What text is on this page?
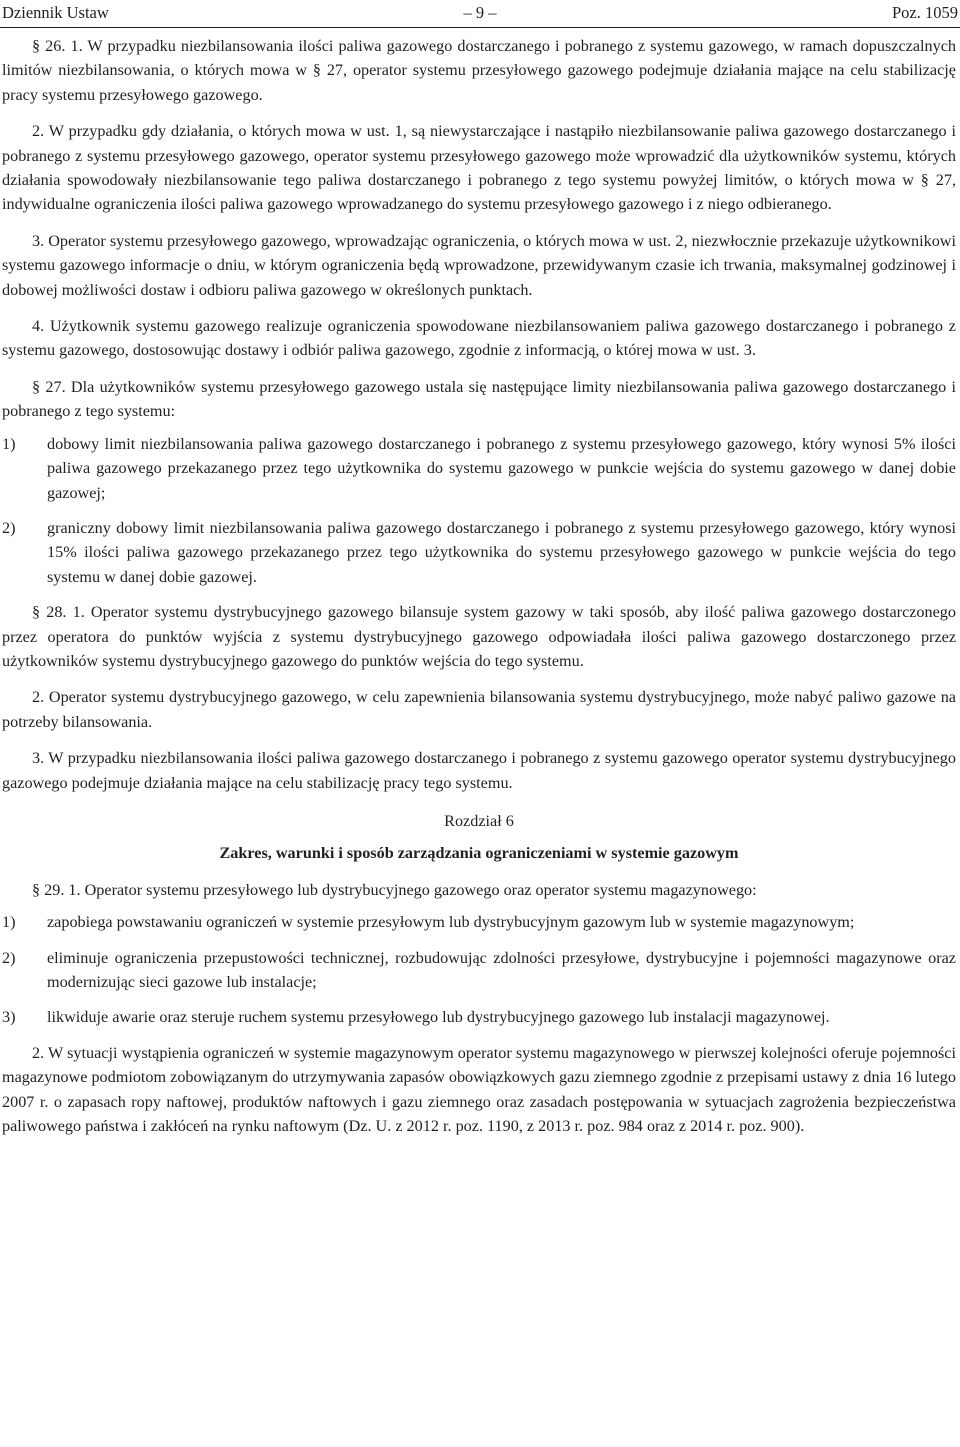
Dziennik Ustaw	– 9 –	Poz. 1059

§ 26. 1. W przypadku niezbilansowania ilości paliwa gazowego dostarczanego i pobranego z systemu gazowego, w ramach dopuszczalnych limitów niezbilansowania, o których mowa w § 27, operator systemu przesyłowego gazowego podejmuje działania mające na celu stabilizację pracy systemu przesyłowego gazowego.

2. W przypadku gdy działania, o których mowa w ust. 1, są niewystarczające i nastąpiło niezbilansowanie paliwa gazowego dostarczanego i pobranego z systemu przesyłowego gazowego, operator systemu przesyłowego gazowego może wprowadzić dla użytkowników systemu, których działania spowodowały niezbilansowanie tego paliwa dostarczanego i pobranego z tego systemu powyżej limitów, o których mowa w § 27, indywidualne ograniczenia ilości paliwa gazowego wprowadzanego do systemu przesyłowego gazowego i z niego odbieranego.

3. Operator systemu przesyłowego gazowego, wprowadzając ograniczenia, o których mowa w ust. 2, niezwłocznie przekazuje użytkownikowi systemu gazowego informacje o dniu, w którym ograniczenia będą wprowadzone, przewidywanym czasie ich trwania, maksymalnej godzinowej i dobowej możliwości dostaw i odbioru paliwa gazowego w określonych punktach.

4. Użytkownik systemu gazowego realizuje ograniczenia spowodowane niezbilansowaniem paliwa gazowego dostarczanego i pobranego z systemu gazowego, dostosowując dostawy i odbiór paliwa gazowego, zgodnie z informacją, o której mowa w ust. 3.

§ 27. Dla użytkowników systemu przesyłowego gazowego ustala się następujące limity niezbilansowania paliwa gazowego dostarczanego i pobranego z tego systemu:

1)	dobowy limit niezbilansowania paliwa gazowego dostarczanego i pobranego z systemu przesyłowego gazowego, który wynosi 5% ilości paliwa gazowego przekazanego przez tego użytkownika do systemu gazowego w punkcie wejścia do systemu gazowego w danej dobie gazowej;
2)	graniczny dobowy limit niezbilansowania paliwa gazowego dostarczanego i pobranego z systemu przesyłowego gazowego, który wynosi 15% ilości paliwa gazowego przekazanego przez tego użytkownika do systemu przesyłowego gazowego w punkcie wejścia do tego systemu w danej dobie gazowej.

§ 28. 1. Operator systemu dystrybucyjnego gazowego bilansuje system gazowy w taki sposób, aby ilość paliwa gazowego dostarczonego przez operatora do punktów wyjścia z systemu dystrybucyjnego gazowego odpowiadała ilości paliwa gazowego dostarczonego przez użytkowników systemu dystrybucyjnego gazowego do punktów wejścia do tego systemu.

2. Operator systemu dystrybucyjnego gazowego, w celu zapewnienia bilansowania systemu dystrybucyjnego, może nabyć paliwo gazowe na potrzeby bilansowania.

3. W przypadku niezbilansowania ilości paliwa gazowego dostarczanego i pobranego z systemu gazowego operator systemu dystrybucyjnego gazowego podejmuje działania mające na celu stabilizację pracy tego systemu.

Rozdział 6
Zakres, warunki i sposób zarządzania ograniczeniami w systemie gazowym

§ 29. 1. Operator systemu przesyłowego lub dystrybucyjnego gazowego oraz operator systemu magazynowego:

1)	zapobiega powstawaniu ograniczeń w systemie przesyłowym lub dystrybucyjnym gazowym lub w systemie magazynowym;
2)	eliminuje ograniczenia przepustowości technicznej, rozbudowując zdolności przesyłowe, dystrybucyjne i pojemności magazynowe oraz modernizując sieci gazowe lub instalacje;
3)	likwiduje awarie oraz steruje ruchem systemu przesyłowego lub dystrybucyjnego gazowego lub instalacji magazynowej.

2. W sytuacji wystąpienia ograniczeń w systemie magazynowym operator systemu magazynowego w pierwszej kolejności oferuje pojemności magazynowe podmiotom zobowiązanym do utrzymywania zapasów obowiązkowych gazu ziemnego zgodnie z przepisami ustawy z dnia 16 lutego 2007 r. o zapasach ropy naftowej, produktów naftowych i gazu ziemnego oraz zasadach postępowania w sytuacjach zagrożenia bezpieczeństwa paliwowego państwa i zakłóceń na rynku naftowym (Dz. U. z 2012 r. poz. 1190, z 2013 r. poz. 984 oraz z 2014 r. poz. 900).
